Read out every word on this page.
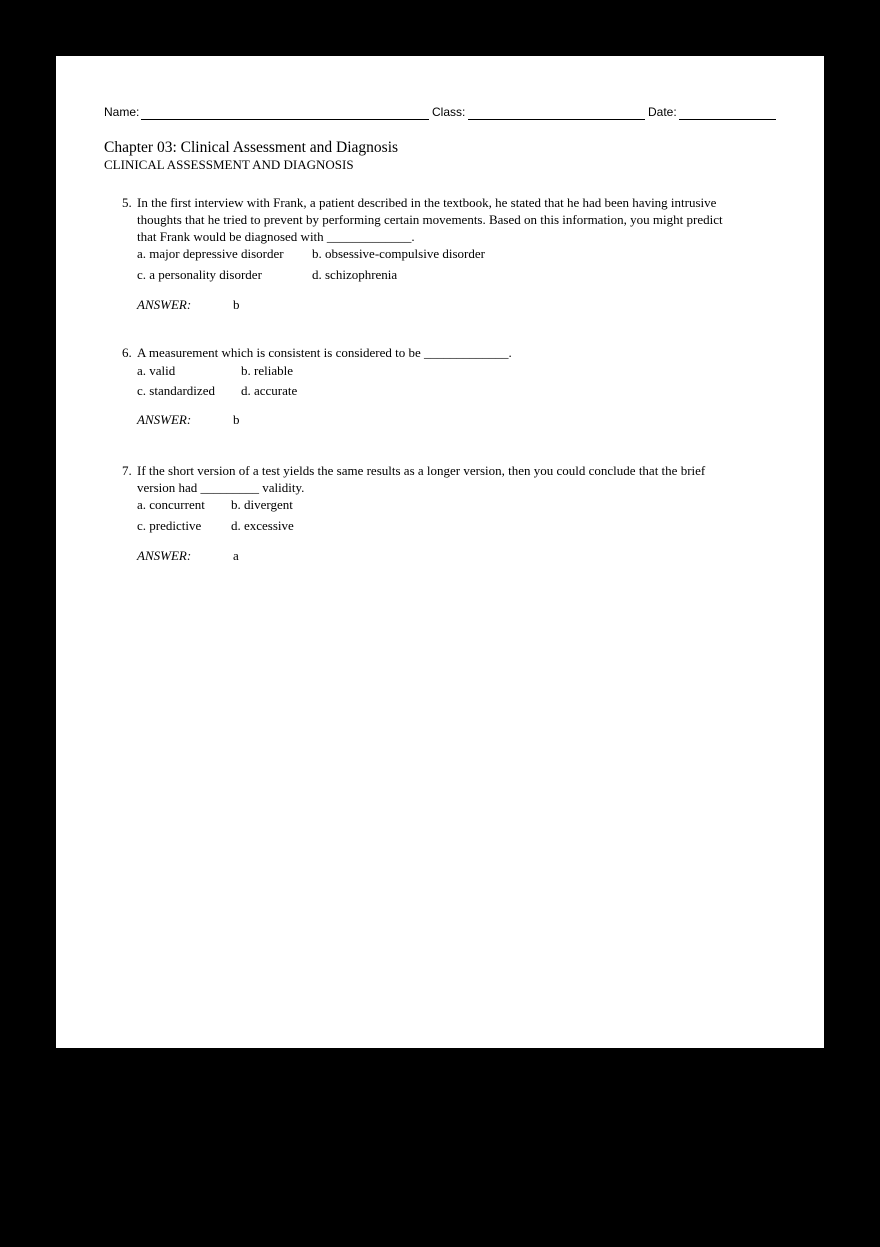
Name:	Class:	Date:
Chapter 03: Clinical Assessment and Diagnosis
CLINICAL ASSESSMENT AND DIAGNOSIS
5. In the first interview with Frank, a patient described in the textbook, he stated that he had been having intrusive
thoughts that he tried to prevent by performing certain movements. Based on this information, you might predict
that Frank would be diagnosed with _____________.
a. major depressive disorder b. obsessive-compulsive disorder
c. a personality disorder	d. schizophrenia
ANSWER:	b
6. A measurement which is consistent is considered to be _____________.
a. valid	b. reliable
c. standardized d. accurate
ANSWER:	b
7. If the short version of a test yields the same results as a longer version, then you could conclude that the brief
version had _________ validity.
a. concurrent b. divergent
c. predictive d. excessive
ANSWER:	a
